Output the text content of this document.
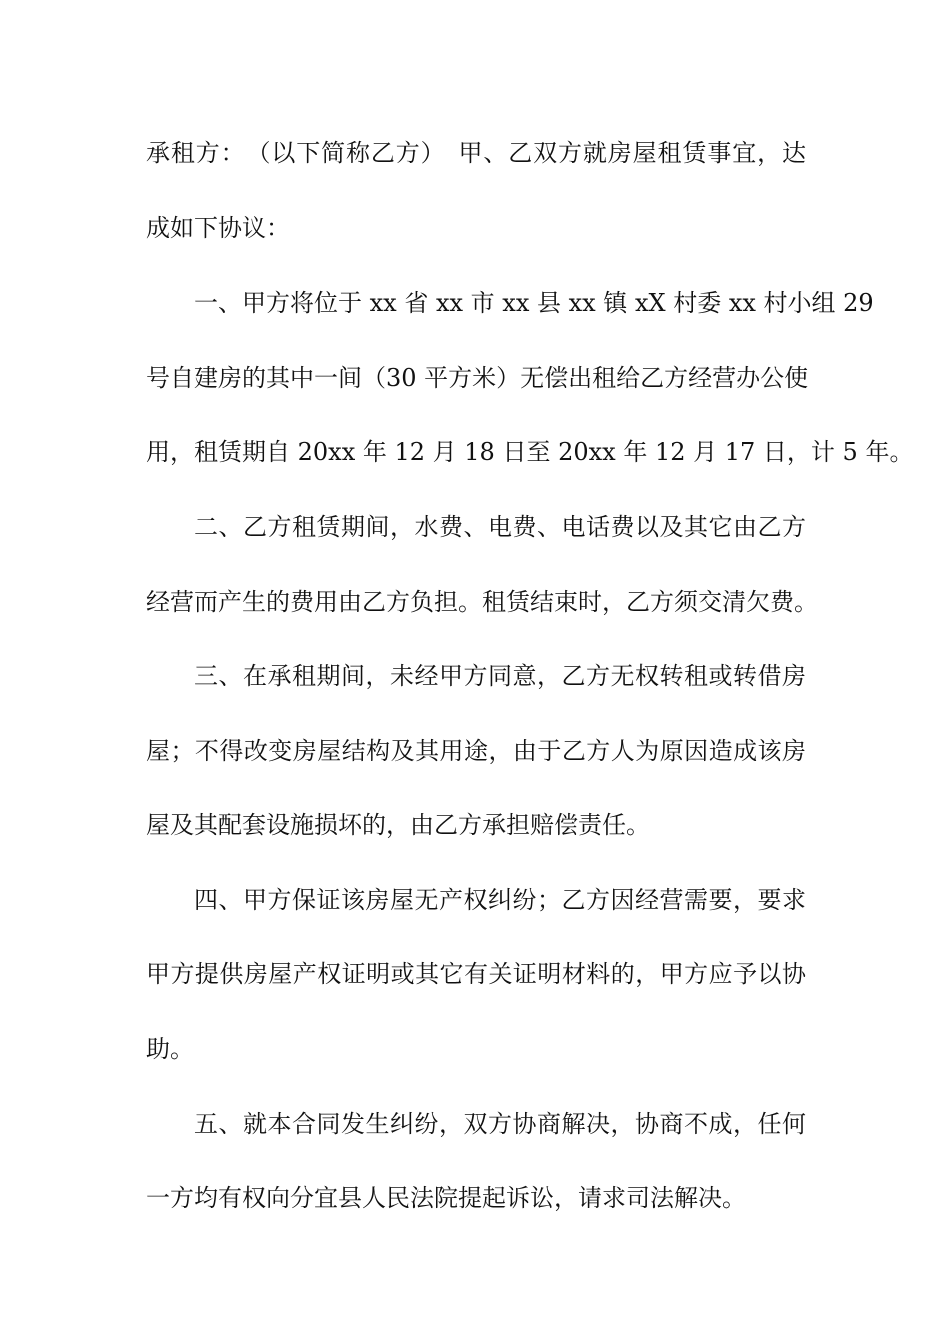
承租方：　（以下简称乙方）　甲、乙双方就房屋租赁事宜，达
成如下协议：
一、甲方将位于 xx 省 xx 市 xx 县 xx 镇 xX 村委 xx 村小组 29
号自建房的其中一间（30 平方米）无偿出租给乙方经营办公使
用，租赁期自 20xx 年 12 月 18 日至 20xx 年 12 月 17 日，计 5 年。
二、乙方租赁期间，水费、电费、电话费以及其它由乙方
经营而产生的费用由乙方负担。租赁结束时，乙方须交清欠费。
三、在承租期间，未经甲方同意，乙方无权转租或转借房
屋；不得改变房屋结构及其用途，由于乙方人为原因造成该房
屋及其配套设施损坏的，由乙方承担赔偿责任。
四、甲方保证该房屋无产权纠纷；乙方因经营需要，要求
甲方提供房屋产权证明或其它有关证明材料的，甲方应予以协
助。
五、就本合同发生纠纷，双方协商解决，协商不成，任何
一方均有权向分宜县人民法院提起诉讼，请求司法解决。
